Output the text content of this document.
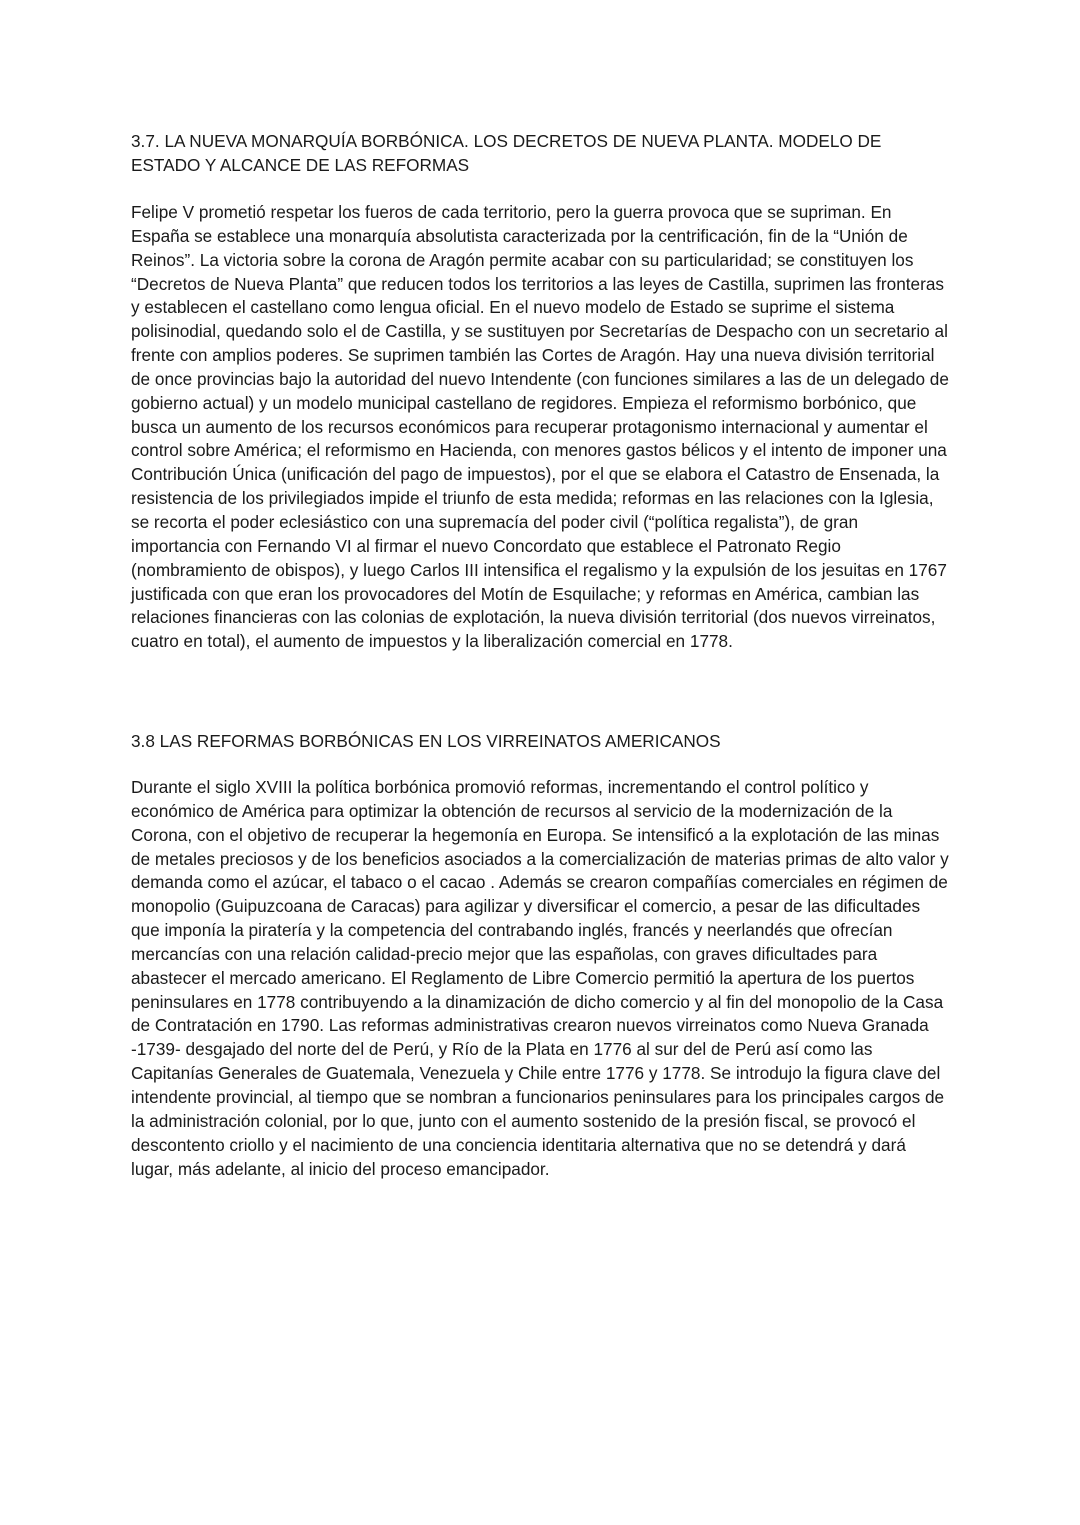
3.7. LA NUEVA MONARQUÍA BORBÓNICA. LOS DECRETOS DE NUEVA PLANTA. MODELO DE ESTADO Y ALCANCE DE LAS REFORMAS

Felipe V prometió respetar los fueros de cada territorio, pero la guerra provoca que se supriman. En España se establece una monarquía absolutista caracterizada por la centrificación, fin de la “Unión de Reinos”. La victoria sobre la corona de Aragón permite acabar con su particularidad; se constituyen los “Decretos de Nueva Planta” que reducen todos los territorios a las leyes de Castilla, suprimen las fronteras y establecen el castellano como lengua oficial. En el nuevo modelo de Estado se suprime el sistema polisinodial, quedando solo el de Castilla, y se sustituyen por Secretarías de Despacho con un secretario al frente con amplios poderes. Se suprimen también las Cortes de Aragón. Hay una nueva división territorial de once provincias bajo la autoridad del nuevo Intendente (con funciones similares a las de un delegado de gobierno actual) y un modelo municipal castellano de regidores. Empieza el reformismo borbónico, que busca un aumento de los recursos económicos para recuperar protagonismo internacional y aumentar el control sobre América; el reformismo en Hacienda, con menores gastos bélicos y el intento de imponer una Contribución Única (unificación del pago de impuestos), por el que se elabora el Catastro de Ensenada, la resistencia de los privilegiados impide el triunfo de esta medida; reformas en las relaciones con la Iglesia, se recorta el poder eclesiástico con una supremacía del poder civil (“política regalista”), de gran importancia con Fernando VI al firmar el nuevo Concordato que establece el Patronato Regio (nombramiento de obispos), y luego Carlos III intensifica el regalismo y la expulsión de los jesuitas en 1767 justificada con que eran los provocadores del Motín de Esquilache; y reformas en América, cambian las relaciones financieras con las colonias de explotación, la nueva división territorial (dos nuevos virreinatos, cuatro en total), el aumento de impuestos y la liberalización comercial en 1778.

3.8 LAS REFORMAS BORBÓNICAS EN LOS VIRREINATOS AMERICANOS

Durante el siglo XVIII la política borbónica promovió reformas, incrementando el control político y económico de América para optimizar la obtención de recursos al servicio de la modernización de la Corona, con el objetivo de recuperar la hegemonía en Europa. Se intensificó a la explotación de las minas de metales preciosos y de los beneficios asociados a la comercialización de materias primas de alto valor y demanda como el azúcar, el tabaco o el cacao . Además se crearon compañías comerciales en régimen de monopolio (Guipuzcoana de Caracas) para agilizar y diversificar el comercio, a pesar de las dificultades que imponía la piratería y la competencia del contrabando inglés, francés y neerlandés que ofrecían mercancías con una relación calidad-precio mejor que las españolas, con graves dificultades para abastecer el mercado americano. El Reglamento de Libre Comercio permitió la apertura de los puertos peninsulares en 1778 contribuyendo a la dinamización de dicho comercio y al fin del monopolio de la Casa de Contratación en 1790. Las reformas administrativas crearon nuevos virreinatos como Nueva Granada -1739- desgajado del norte del de Perú, y Río de la Plata en 1776 al sur del de Perú así como las Capitanías Generales de Guatemala, Venezuela y Chile entre 1776 y 1778. Se introdujo la figura clave del intendente provincial, al tiempo que se nombran a funcionarios peninsulares para los principales cargos de la administración colonial, por lo que, junto con el aumento sostenido de la presión fiscal, se provocó el descontento criollo y el nacimiento de una conciencia identitaria alternativa que no se detendrá y dará lugar, más adelante, al inicio del proceso emancipador.
